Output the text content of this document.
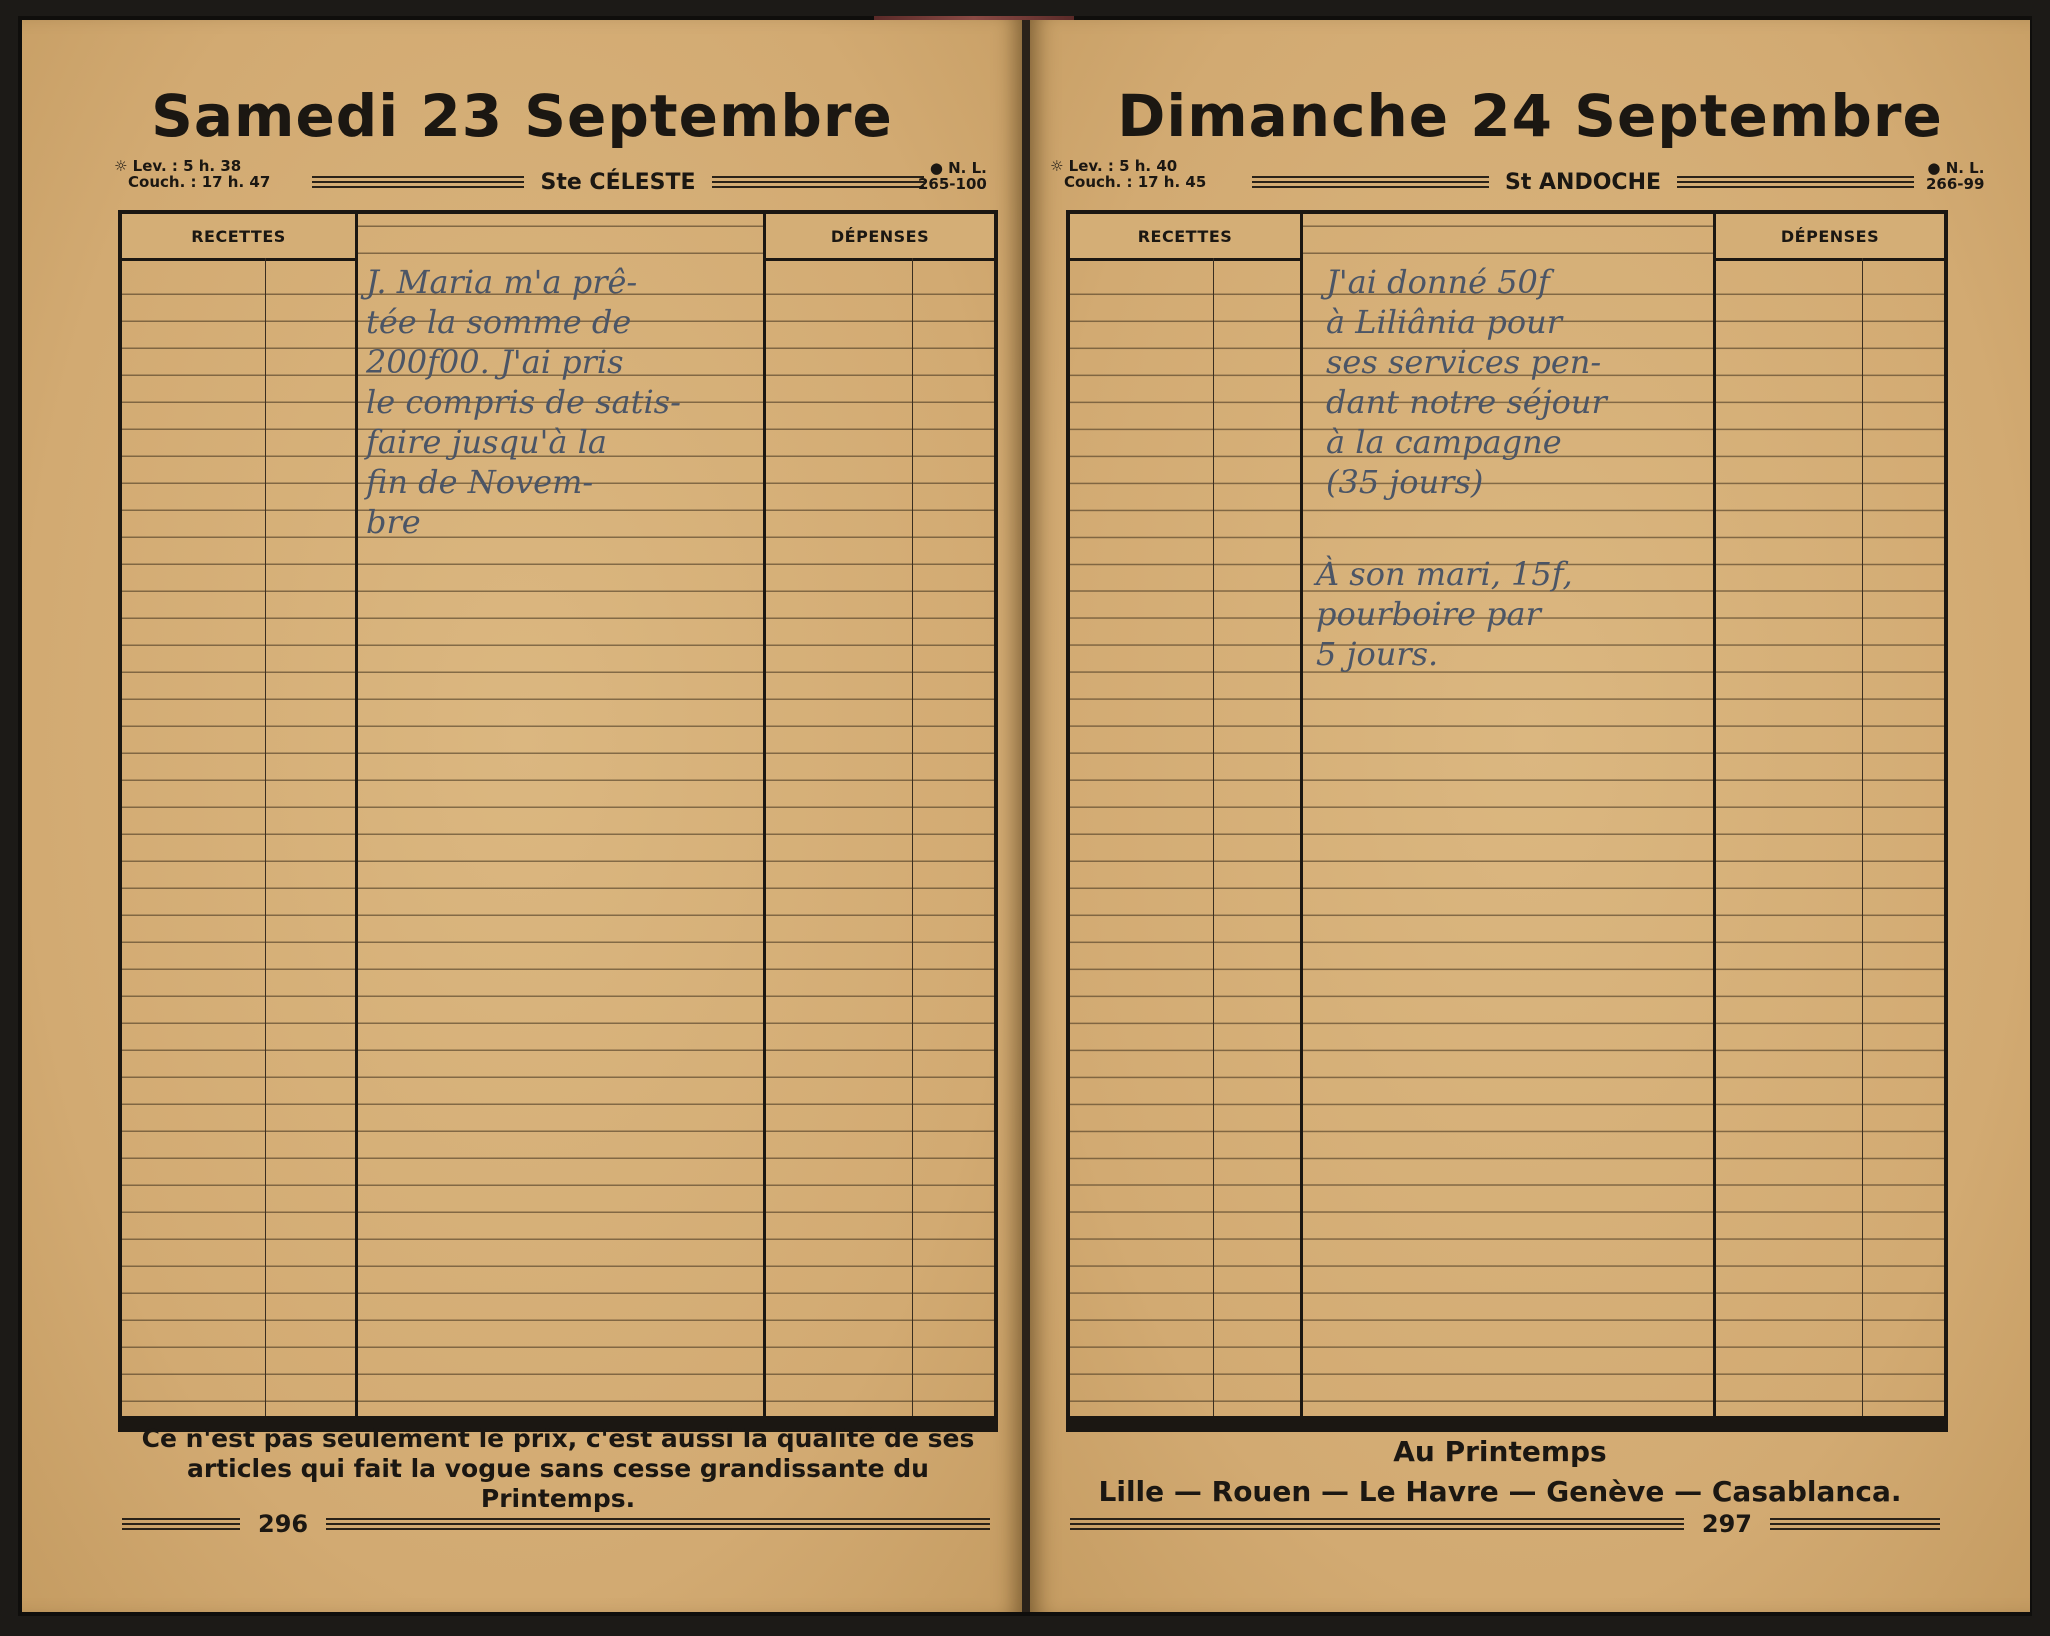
Samedi 23 Septembre
☼ Lev. : 5 h. 38
Couch. : 17 h. 47	Ste CÉLESTE
● N. L.
265-100
RECETTES	DÉPENSES
J. Maria m'a prê-
tée la somme de
200f00. J'ai pris
le compris de satis-
faire jusqu'à la
fin de Novem-
bre
Ce n'est pas seulement le prix, c'est aussi la qualité de ses articles qui fait la vogue sans cesse grandissante du Printemps.
296
Dimanche 24 Septembre
☼ Lev. : 5 h. 40
Couch. : 17 h. 45	St ANDOCHE
● N. L.
266-99
RECETTES	DÉPENSES
J'ai donné 50f
à Liliânia pour
ses services pen-
dant notre séjour
à la campagne
(35 jours)
À son mari, 15f,
pourboire par
5 jours.
Au Printemps
Lille — Rouen — Le Havre — Genève — Casablanca.
297
